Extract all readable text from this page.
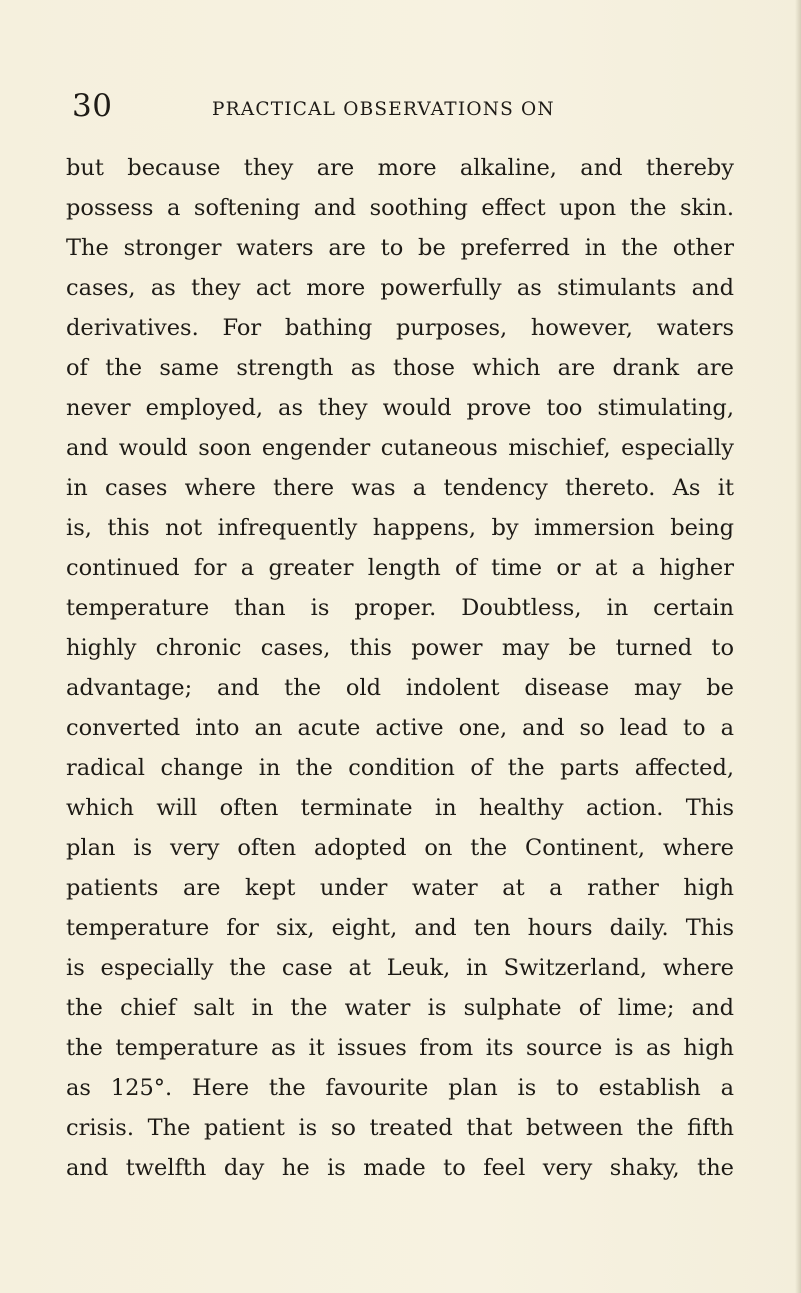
30	PRACTICAL OBSERVATIONS ON
but because they are more alkaline, and thereby
possess a softening and soothing effect upon the skin.
The stronger waters are to be preferred in the other
cases, as they act more powerfully as stimulants and
derivatives. For bathing purposes, however, waters
of the same strength as those which are drank are
never employed, as they would prove too stimulating,
and would soon engender cutaneous mischief, especially
in cases where there was a tendency thereto. As it
is, this not infrequently happens, by immersion being
continued for a greater length of time or at a higher
temperature than is proper. Doubtless, in certain
highly chronic cases, this power may be turned to
advantage; and the old indolent disease may be
converted into an acute active one, and so lead to a
radical change in the condition of the parts affected,
which will often terminate in healthy action. This
plan is very often adopted on the Continent, where
patients are kept under water at a rather high
temperature for six, eight, and ten hours daily. This
is especially the case at Leuk, in Switzerland, where
the chief salt in the water is sulphate of lime; and
the temperature as it issues from its source is as high
as 125°. Here the favourite plan is to establish a
crisis. The patient is so treated that between the fifth
and twelfth day he is made to feel very shaky, the
